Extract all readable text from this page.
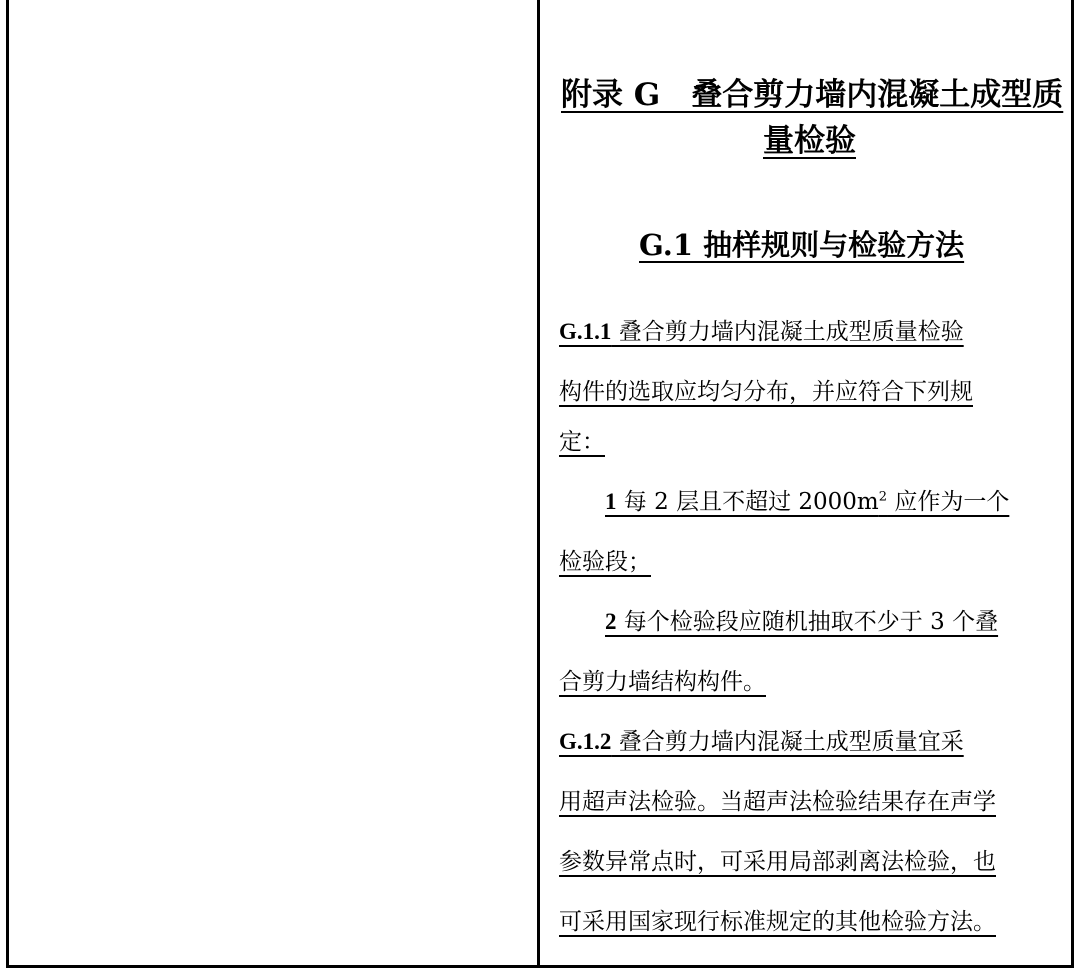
附录 G　叠合剪力墙内混凝土成型质
量检验
G.1 抽样规则与检验方法
G.1.1 叠合剪力墙内混凝土成型质量检验
构件的选取应均匀分布，并应符合下列规
定：
1 每 2 层且不超过 $2000m^2$ 应作为一个
检验段；
2 每个检验段应随机抽取不少于 3 个叠
合剪力墙结构构件。
G.1.2 叠合剪力墙内混凝土成型质量宜采
用超声法检验。当超声法检验结果存在声学
参数异常点时，可采用局部剥离法检验，也
可采用国家现行标准规定的其他检验方法。
